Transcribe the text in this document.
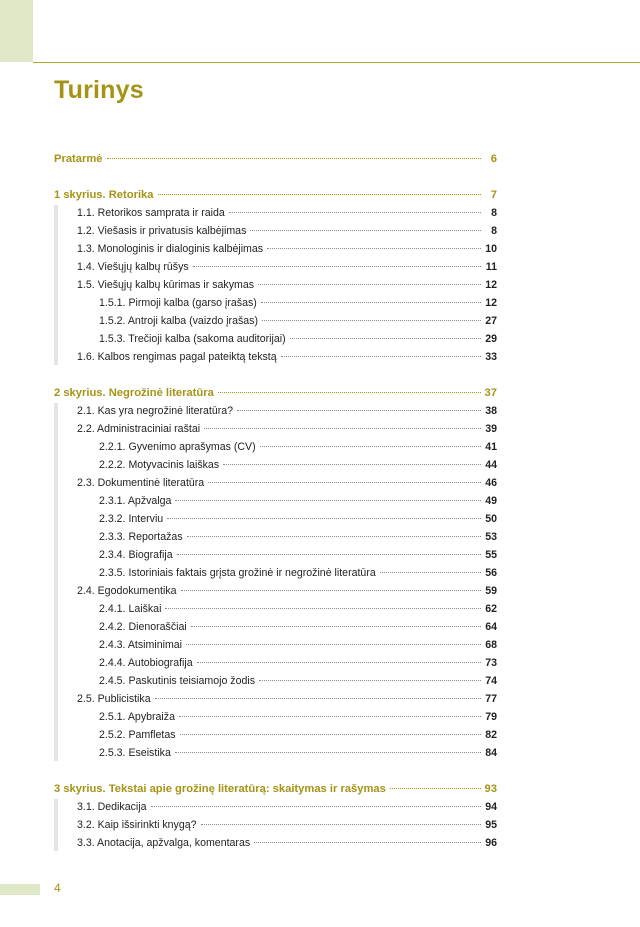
Turinys
Pratarmė	6
1 skyrius. Retorika	7
1.1. Retorikos samprata ir raida	8
1.2. Viešasis ir privatusis kalbėjimas	8
1.3. Monologinis ir dialoginis kalbėjimas	10
1.4. Viešųjų kalbų rūšys	11
1.5. Viešųjų kalbų kūrimas ir sakymas	12
1.5.1. Pirmoji kalba (garso įrašas)	12
1.5.2. Antroji kalba (vaizdo įrašas)	27
1.5.3. Trečioji kalba (sakoma auditorijai)	29
1.6. Kalbos rengimas pagal pateiktą tekstą	33
2 skyrius. Negrožinė literatūra	37
2.1. Kas yra negrožinė literatūra?	38
2.2. Administraciniai raštai	39
2.2.1. Gyvenimo aprašymas (CV)	41
2.2.2. Motyvacinis laiškas	44
2.3. Dokumentinė literatūra	46
2.3.1. Apžvalga	49
2.3.2. Interviu	50
2.3.3. Reportažas	53
2.3.4. Biografija	55
2.3.5. Istoriniais faktais grįsta grožinė ir negrožinė literatūra	56
2.4. Egodokumentika	59
2.4.1. Laiškai	62
2.4.2. Dienoraščiai	64
2.4.3. Atsiminimai	68
2.4.4. Autobiografija	73
2.4.5. Paskutinis teisiamojo žodis	74
2.5. Publicistika	77
2.5.1. Apybraiža	79
2.5.2. Pamfletas	82
2.5.3. Eseistika	84
3 skyrius. Tekstai apie grožinę literatūrą: skaitymas ir rašymas	93
3.1. Dedikacija	94
3.2. Kaip išsirinkti knygą?	95
3.3. Anotacija, apžvalga, komentaras	96
4
